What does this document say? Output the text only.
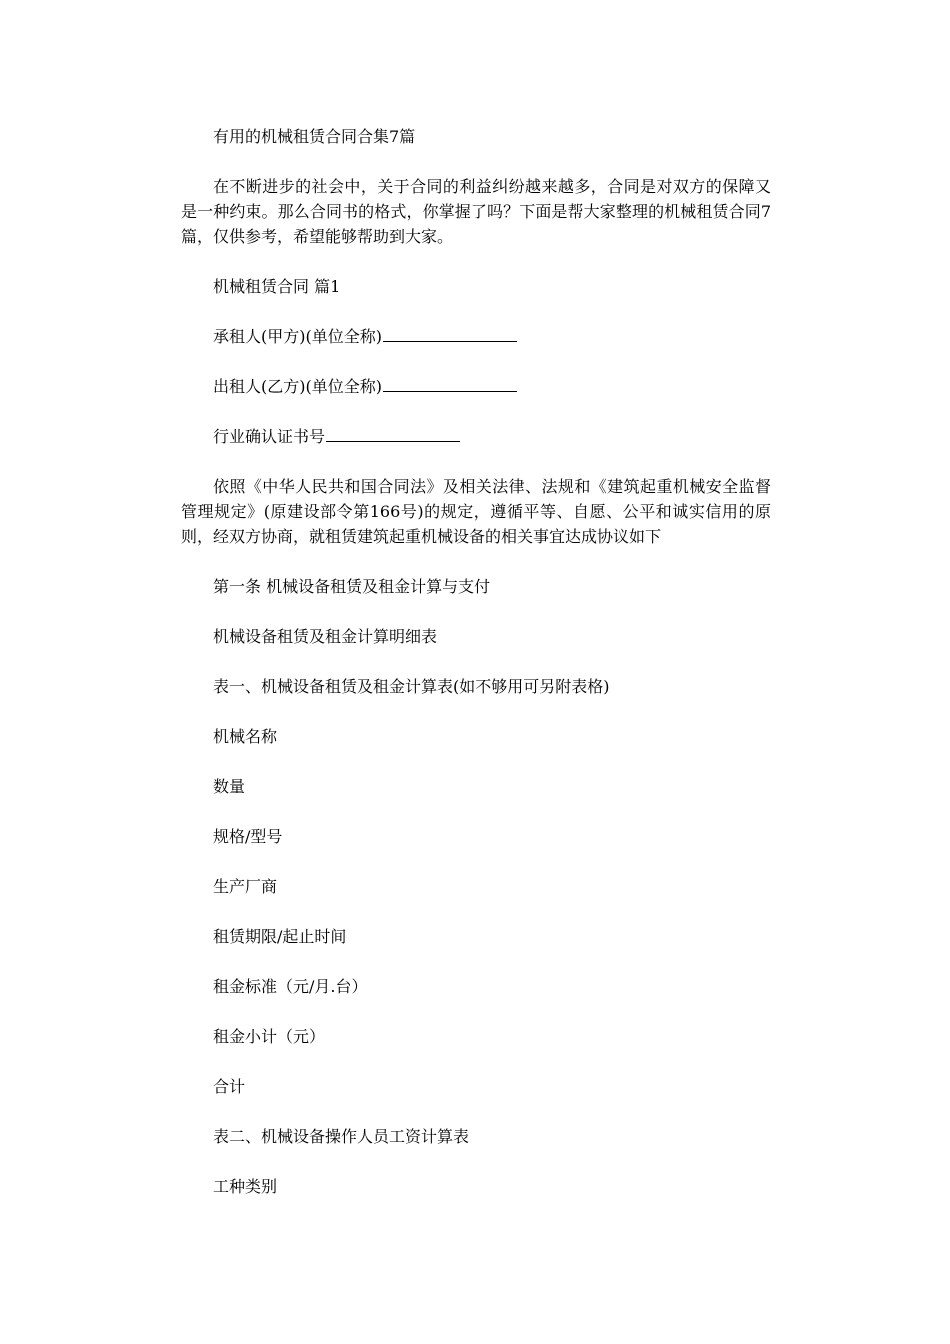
有用的机械租赁合同合集7篇

在不断进步的社会中，关于合同的利益纠纷越来越多，合同是对双方的保障又是一种约束。那么合同书的格式，你掌握了吗？下面是帮大家整理的机械租赁合同7篇，仅供参考，希望能够帮助到大家。

机械租赁合同 篇1

承租人(甲方)(单位全称)

出租人(乙方)(单位全称)

行业确认证书号

依照《中华人民共和国合同法》及相关法律、法规和《建筑起重机械安全监督管理规定》(原建设部令第166号)的规定，遵循平等、自愿、公平和诚实信用的原则，经双方协商，就租赁建筑起重机械设备的相关事宜达成协议如下

第一条 机械设备租赁及租金计算与支付

机械设备租赁及租金计算明细表

表一、机械设备租赁及租金计算表(如不够用可另附表格)

机械名称

数量

规格/型号

生产厂商

租赁期限/起止时间

租金标准（元/月.台）

租金小计（元）

合计

表二、机械设备操作人员工资计算表

工种类别
